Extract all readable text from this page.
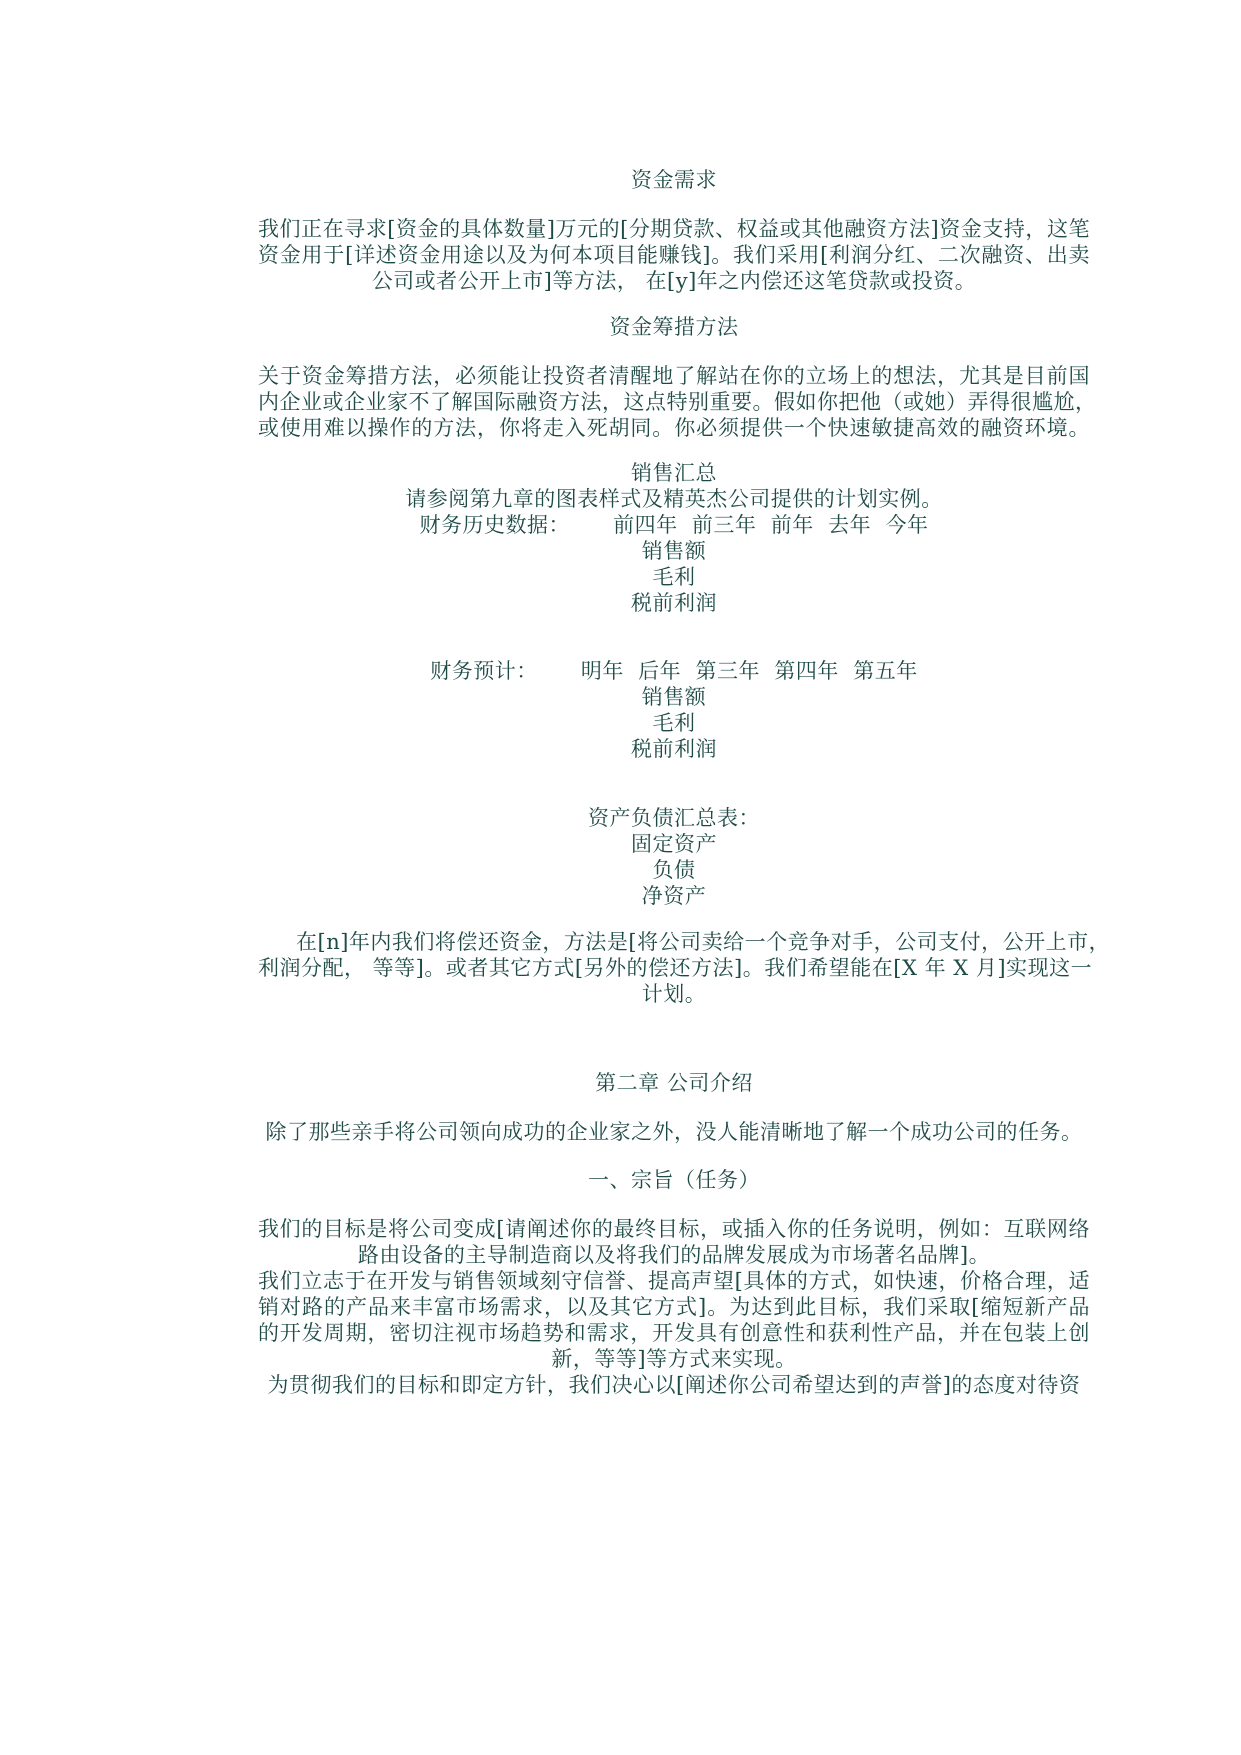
资金需求
我们正在寻求[资金的具体数量]万元的[分期贷款、权益或其他融资方法]资金支持，这笔
资金用于[详述资金用途以及为何本项目能赚钱]。我们采用[利润分红、二次融资、出卖
公司或者公开上市]等方法， 在[y]年之内偿还这笔贷款或投资。
资金筹措方法
关于资金筹措方法，必须能让投资者清醒地了解站在你的立场上的想法，尤其是目前国
内企业或企业家不了解国际融资方法，这点特别重要。假如你把他（或她）弄得很尴尬，
或使用难以操作的方法，你将走入死胡同。你必须提供一个快速敏捷高效的融资环境。
销售汇总
请参阅第九章的图表样式及精英杰公司提供的计划实例。
财务历史数据：      前四年  前三年  前年  去年  今年
销售额
毛利
税前利润
财务预计：      明年  后年  第三年  第四年  第五年
销售额
毛利
税前利润
资产负债汇总表：
固定资产
负债
净资产
在[n]年内我们将偿还资金，方法是[将公司卖给一个竞争对手，公司支付，公开上市，
利润分配， 等等]。或者其它方式[另外的偿还方法]。我们希望能在[X 年 X 月]实现这一
计划。
第二章 公司介绍
除了那些亲手将公司领向成功的企业家之外，没人能清晰地了解一个成功公司的任务。
一、宗旨（任务）
我们的目标是将公司变成[请阐述你的最终目标，或插入你的任务说明，例如：互联网络
路由设备的主导制造商以及将我们的品牌发展成为市场著名品牌]。
我们立志于在开发与销售领域刻守信誉、提高声望[具体的方式，如快速，价格合理，适
销对路的产品来丰富市场需求，以及其它方式]。为达到此目标，我们采取[缩短新产品
的开发周期，密切注视市场趋势和需求，开发具有创意性和获利性产品，并在包装上创
新，等等]等方式来实现。
为贯彻我们的目标和即定方针，我们决心以[阐述你公司希望达到的声誉]的态度对待资
